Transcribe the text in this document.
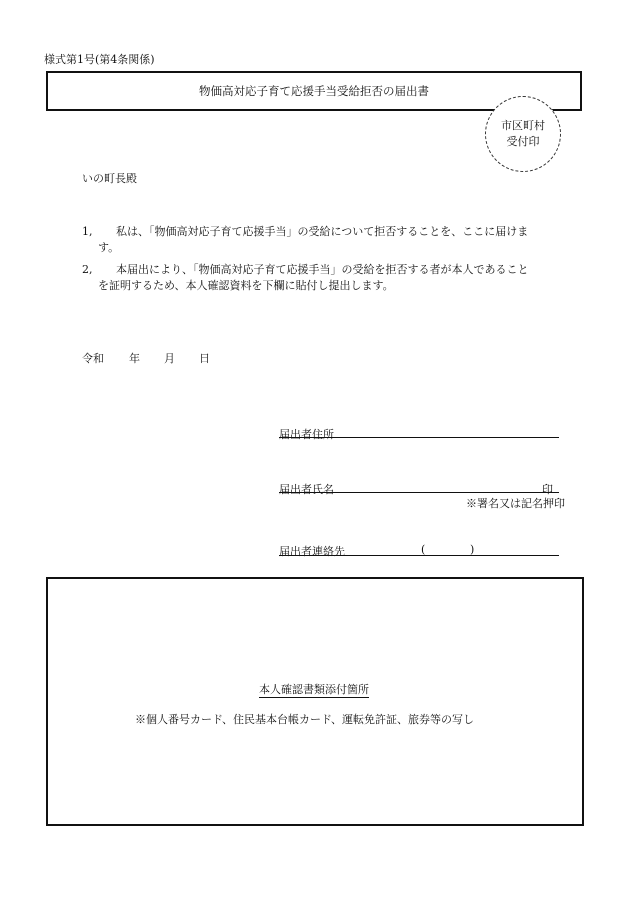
様式第1号(第4条関係)
物価高対応子育て応援手当受給拒否の届出書
市区町村
受付印
いの町長殿
1, 私は、「物価高対応子育て応援手当」の受給について拒否することを、ここに届けま
す。
2, 本届出により、「物価高対応子育て応援手当」の受給を拒否する者が本人であること
を証明するため、本人確認資料を下欄に貼付し提出します。
令和 年 月 日
届出者住所
届出者氏名	印
※署名又は記名押印
届出者連絡先	(	)
本人確認書類添付箇所
※個人番号カード、住民基本台帳カード、運転免許証、旅券等の写し
